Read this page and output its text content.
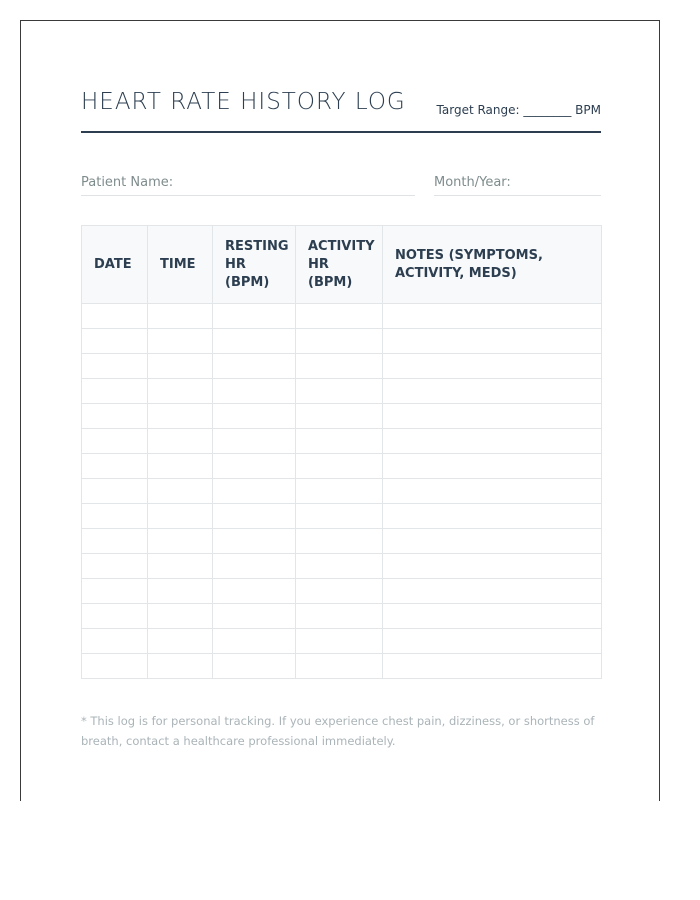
HEART RATE HISTORY LOG	Target Range: ________ BPM
Patient Name:	Month/Year:
DATE	TIME	RESTING HR (BPM)	ACTIVITY HR (BPM)	NOTES (SYMPTOMS, ACTIVITY, MEDS)

* This log is for personal tracking. If you experience chest pain, dizziness, or shortness of breath, contact a healthcare professional immediately.
